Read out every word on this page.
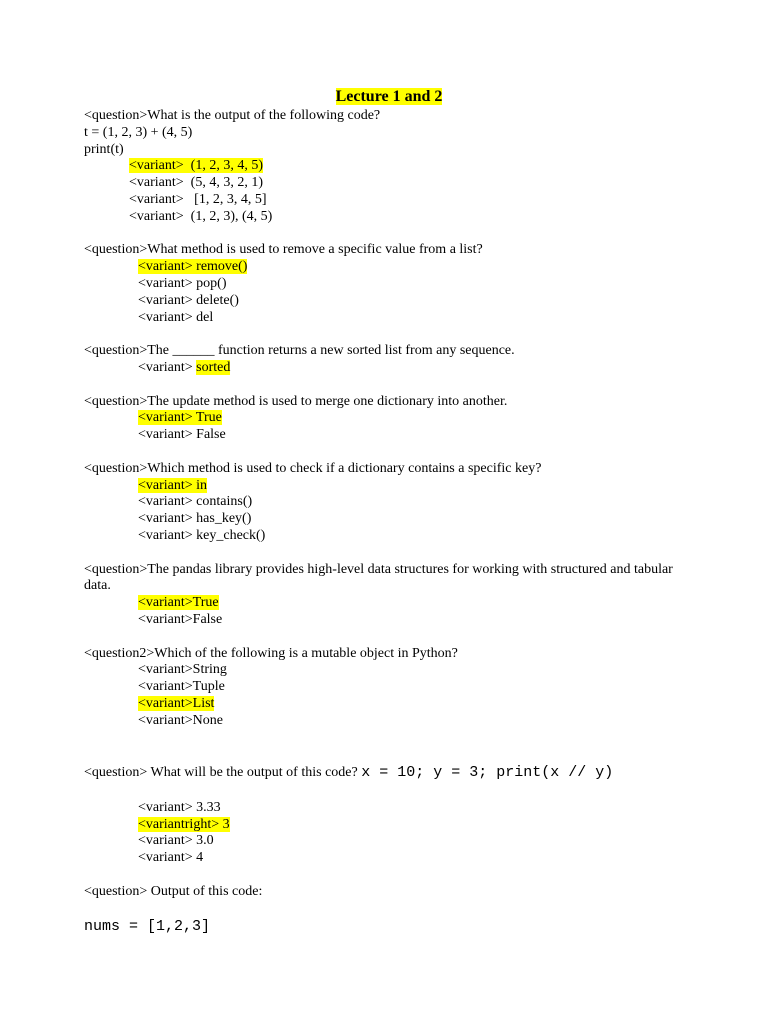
Lecture 1 and 2
<question>What is the output of the following code?
t = (1, 2, 3) + (4, 5)
print(t)
<variant>  (1, 2, 3, 4, 5)
<variant>  (5, 4, 3, 2, 1)
<variant>   [1, 2, 3, 4, 5]
<variant>  (1, 2, 3), (4, 5)
<question>What method is used to remove a specific value from a list?
<variant> remove()
<variant> pop()
<variant> delete()
<variant> del
<question>The ______ function returns a new sorted list from any sequence.
<variant> sorted
<question>The update method is used to merge one dictionary into another.
<variant> True
<variant> False
<question>Which method is used to check if a dictionary contains a specific key?
<variant> in
<variant> contains()
<variant> has_key()
<variant> key_check()
<question>The pandas library provides high-level data structures for working with structured and tabular data.
<variant>True
<variant>False
<question2>Which of the following is a mutable object in Python?
<variant>String
<variant>Tuple
<variant>List
<variant>None
<question> What will be the output of this code? x = 10; y = 3; print(x // y)
<variant> 3.33
<variantright> 3
<variant> 3.0
<variant> 4
<question> Output of this code:
nums = [1,2,3]
